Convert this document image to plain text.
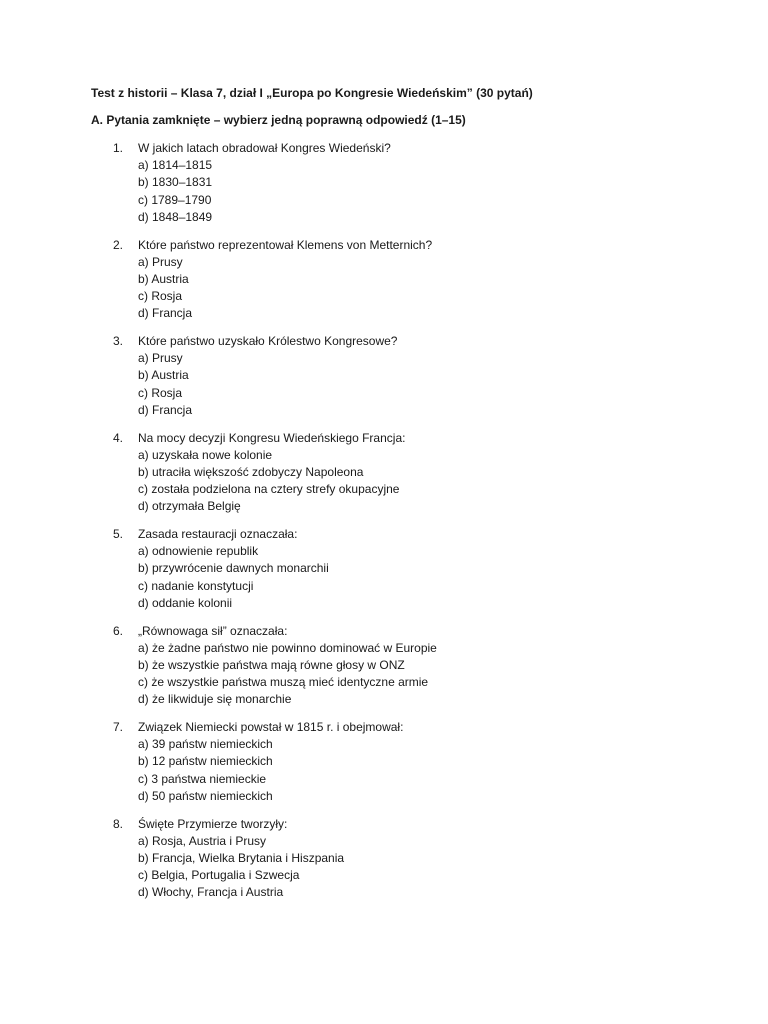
Test z historii – Klasa 7, dział I „Europa po Kongresie Wiedeńskim” (30 pytań)
A. Pytania zamknięte – wybierz jedną poprawną odpowiedź (1–15)
1. W jakich latach obradował Kongres Wiedeński?
a) 1814–1815
b) 1830–1831
c) 1789–1790
d) 1848–1849
2. Które państwo reprezentował Klemens von Metternich?
a) Prusy
b) Austria
c) Rosja
d) Francja
3. Które państwo uzyskało Królestwo Kongresowe?
a) Prusy
b) Austria
c) Rosja
d) Francja
4. Na mocy decyzji Kongresu Wiedeńskiego Francja:
a) uzyskała nowe kolonie
b) utraciła większość zdobyczy Napoleona
c) została podzielona na cztery strefy okupacyjne
d) otrzymała Belgię
5. Zasada restauracji oznaczała:
a) odnowienie republik
b) przywrócenie dawnych monarchii
c) nadanie konstytucji
d) oddanie kolonii
6. „Równowaga sił” oznaczała:
a) że żadne państwo nie powinno dominować w Europie
b) że wszystkie państwa mają równe głosy w ONZ
c) że wszystkie państwa muszą mieć identyczne armie
d) że likwiduje się monarchie
7. Związek Niemiecki powstał w 1815 r. i obejmował:
a) 39 państw niemieckich
b) 12 państw niemieckich
c) 3 państwa niemieckie
d) 50 państw niemieckich
8. Święte Przymierze tworzyły:
a) Rosja, Austria i Prusy
b) Francja, Wielka Brytania i Hiszpania
c) Belgia, Portugalia i Szwecja
d) Włochy, Francja i Austria
